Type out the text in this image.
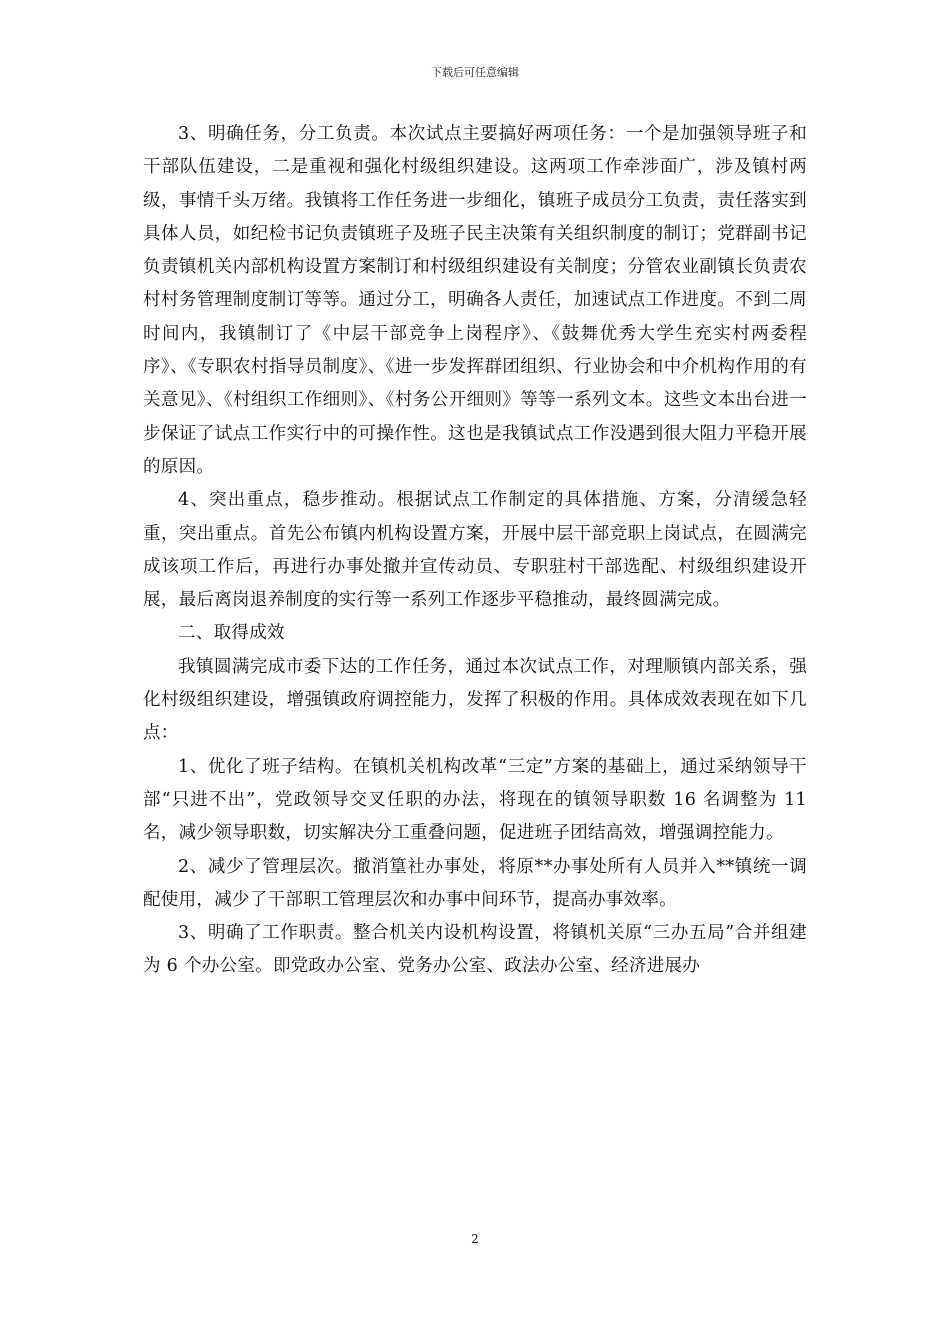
下载后可任意编辑

3、明确任务，分工负责。本次试点主要搞好两项任务：一个是加强领导班子和干部队伍建设，二是重视和强化村级组织建设。这两项工作牵涉面广，涉及镇村两级，事情千头万绪。我镇将工作任务进一步细化，镇班子成员分工负责，责任落实到具体人员，如纪检书记负责镇班子及班子民主决策有关组织制度的制订；党群副书记负责镇机关内部机构设置方案制订和村级组织建设有关制度；分管农业副镇长负责农村村务管理制度制订等等。通过分工，明确各人责任，加速试点工作进度。不到二周时间内，我镇制订了《中层干部竞争上岗程序》、《鼓舞优秀大学生充实村两委程序》、《专职农村指导员制度》、《进一步发挥群团组织、行业协会和中介机构作用的有关意见》、《村组织工作细则》、《村务公开细则》等等一系列文本。这些文本出台进一步保证了试点工作实行中的可操作性。这也是我镇试点工作没遇到很大阻力平稳开展的原因。

4、突出重点，稳步推动。根据试点工作制定的具体措施、方案，分清缓急轻重，突出重点。首先公布镇内机构设置方案，开展中层干部竞职上岗试点，在圆满完成该项工作后，再进行办事处撤并宣传动员、专职驻村干部选配、村级组织建设开展，最后离岗退养制度的实行等一系列工作逐步平稳推动，最终圆满完成。

二、取得成效

我镇圆满完成市委下达的工作任务，通过本次试点工作，对理顺镇内部关系，强化村级组织建设，增强镇政府调控能力，发挥了积极的作用。具体成效表现在如下几点：

1、优化了班子结构。在镇机关机构改革“三定”方案的基础上，通过采纳领导干部“只进不出”，党政领导交叉任职的办法，将现在的镇领导职数 16 名调整为 11 名，减少领导职数，切实解决分工重叠问题，促进班子团结高效，增强调控能力。

2、减少了管理层次。撤消篁社办事处，将原**办事处所有人员并入**镇统一调配使用，减少了干部职工管理层次和办事中间环节，提高办事效率。

3、明确了工作职责。整合机关内设机构设置，将镇机关原“三办五局”合并组建为 6 个办公室。即党政办公室、党务办公室、政法办公室、经济进展办

2
